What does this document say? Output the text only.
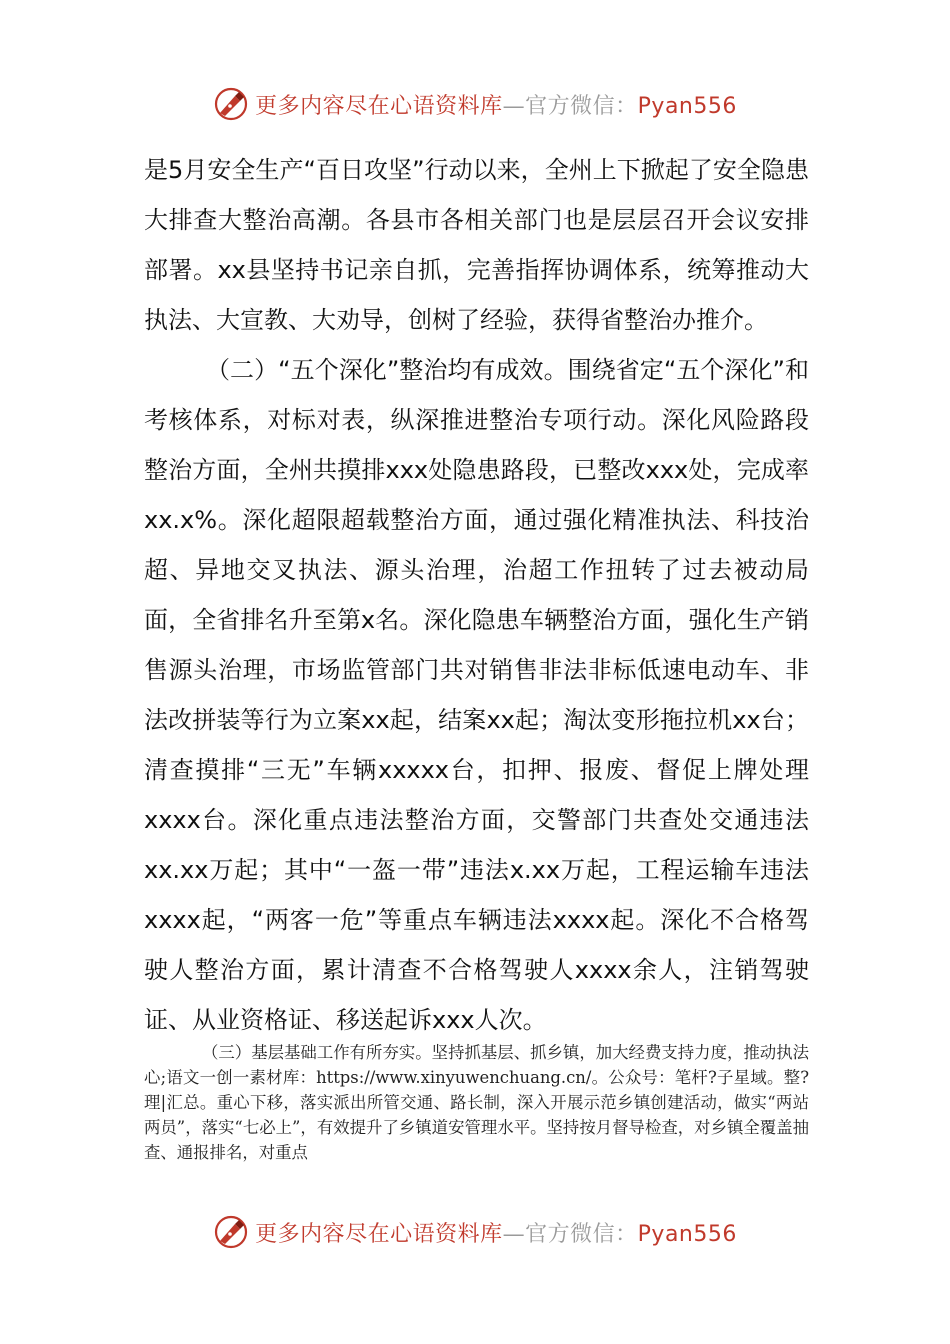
更多内容尽在心语资料库—官方微信：Pyan556

是5月安全生产“百日攻坚”行动以来，全州上下掀起了安全隐患大排查大整治高潮。各县市各相关部门也是层层召开会议安排部署。xx县坚持书记亲自抓，完善指挥协调体系，统筹推动大执法、大宣教、大劝导，创树了经验，获得省整治办推介。

（二）“五个深化”整治均有成效。围绕省定“五个深化”和考核体系，对标对表，纵深推进整治专项行动。深化风险路段整治方面，全州共摸排xxx处隐患路段，已整改xxx处，完成率xx.x%。深化超限超载整治方面，通过强化精准执法、科技治超、异地交叉执法、源头治理，治超工作扭转了过去被动局面，全省排名升至第x名。深化隐患车辆整治方面，强化生产销售源头治理，市场监管部门共对销售非法非标低速电动车、非法改拼装等行为立案xx起，结案xx起；淘汰变形拖拉机xx台；清查摸排“三无”车辆xxxxx台，扣押、报废、督促上牌处理xxxx台。深化重点违法整治方面，交警部门共查处交通违法xx.xx万起；其中“一盔一带”违法x.xx万起，工程运输车违法xxxx起，“两客一危”等重点车辆违法xxxx起。深化不合格驾驶人整治方面，累计清查不合格驾驶人xxxx余人，注销驾驶证、从业资格证、移送起诉xxx人次。

（三）基层基础工作有所夯实。坚持抓基层、抓乡镇，加大经费支持力度，推动执法心;语文一创一素材库：https://www.xinyuwenchuang.cn/。公众号：笔杆?子星域。整?理|汇总。重心下移，落实派出所管交通、路长制，深入开展示范乡镇创建活动，做实“两站两员”，落实“七必上”，有效提升了乡镇道安管理水平。坚持按月督导检查，对乡镇全覆盖抽查、通报排名，对重点

更多内容尽在心语资料库—官方微信：Pyan556
